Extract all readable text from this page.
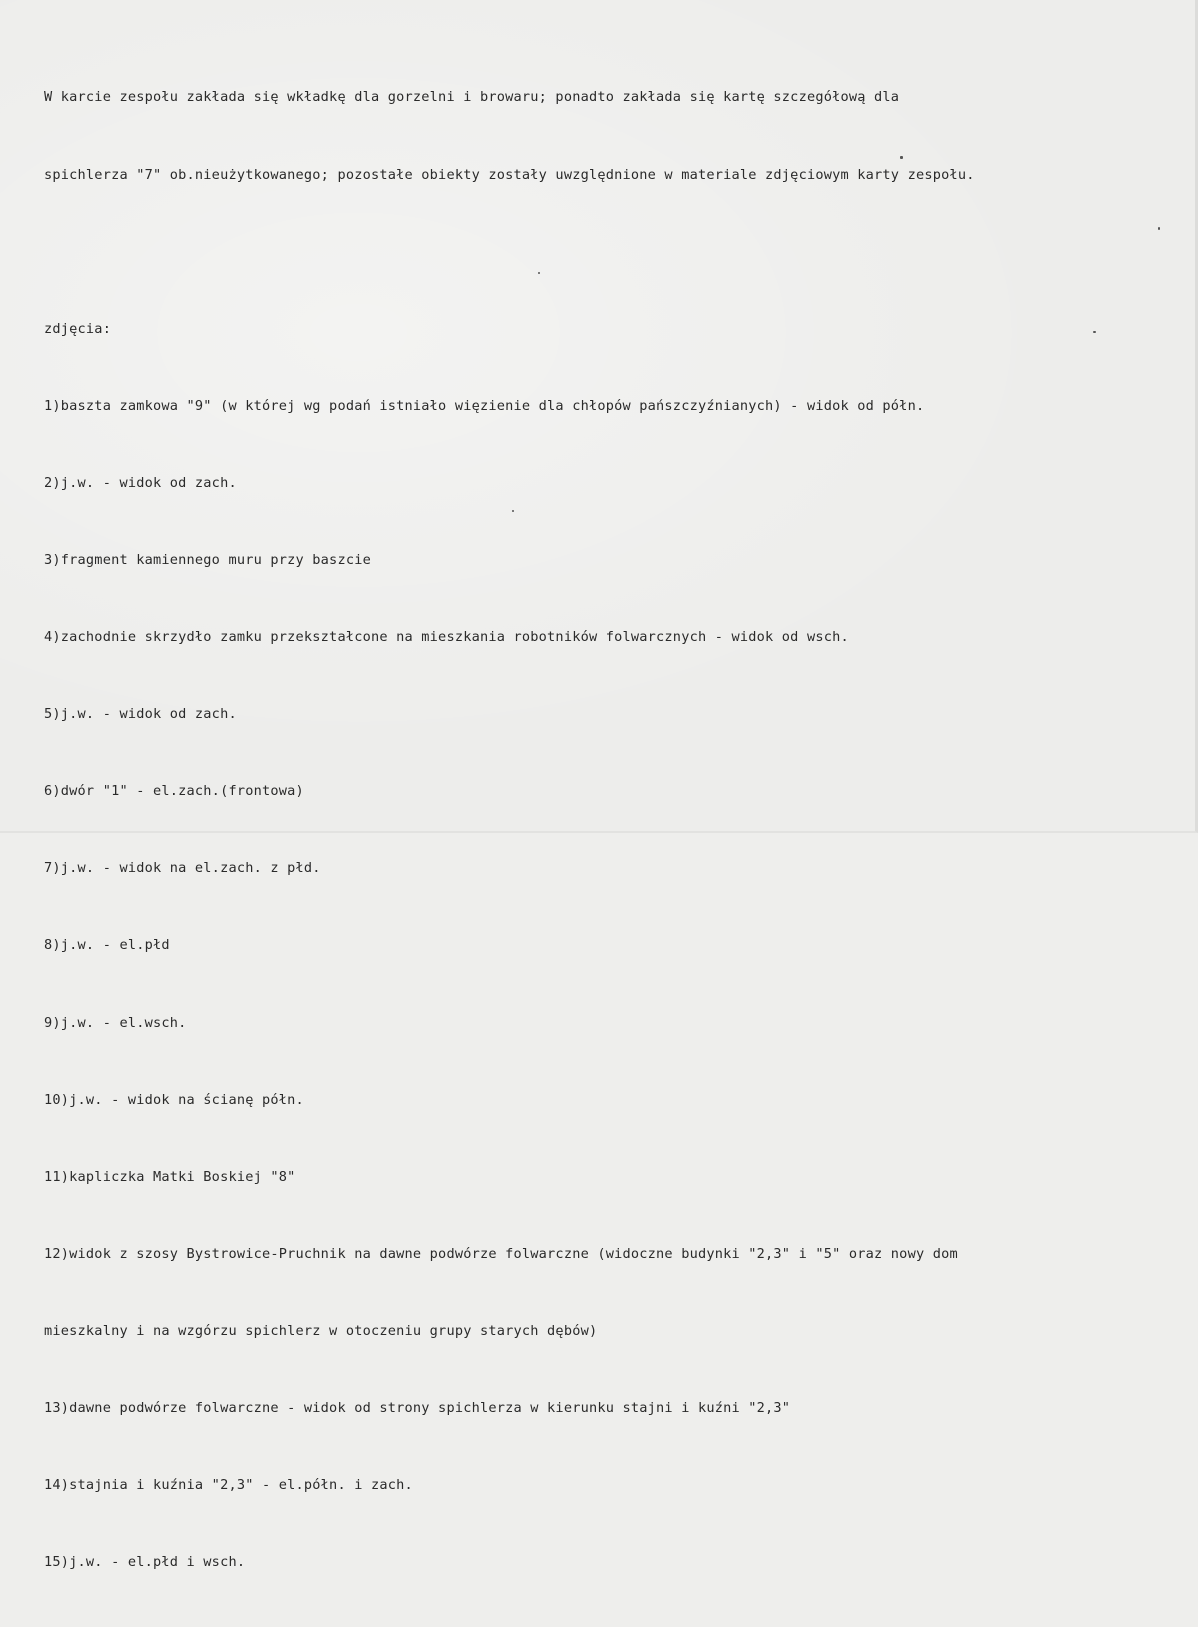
W karcie zespołu zakłada się wkładkę dla gorzelni i browaru; ponadto zakłada się kartę szczegółową dla

spichlerza "7" ob.nieużytkowanego; pozostałe obiekty zostały uwzględnione w materiale zdjęciowym karty zespołu.

zdjęcia:

1)baszta zamkowa "9" (w której wg podań istniało więzienie dla chłopów pańszczyźnianych) - widok od półn.

2)j.w. - widok od zach.

3)fragment kamiennego muru przy baszcie

4)zachodnie skrzydło zamku przekształcone na mieszkania robotników folwarcznych - widok od wsch.

5)j.w. - widok od zach.

6)dwór "1" - el.zach.(frontowa)

7)j.w. - widok na el.zach. z płd.

8)j.w. - el.płd

9)j.w. - el.wsch.

10)j.w. - widok na ścianę półn.

11)kapliczka Matki Boskiej "8"

12)widok z szosy Bystrowice-Pruchnik na dawne podwórze folwarczne (widoczne budynki "2,3" i "5" oraz nowy dom

mieszkalny i na wzgórzu spichlerz w otoczeniu grupy starych dębów)

13)dawne podwórze folwarczne - widok od strony spichlerza w kierunku stajni i kuźni "2,3"

14)stajnia i kuźnia "2,3" - el.półn. i zach.

15)j.w. - el.płd i wsch.
